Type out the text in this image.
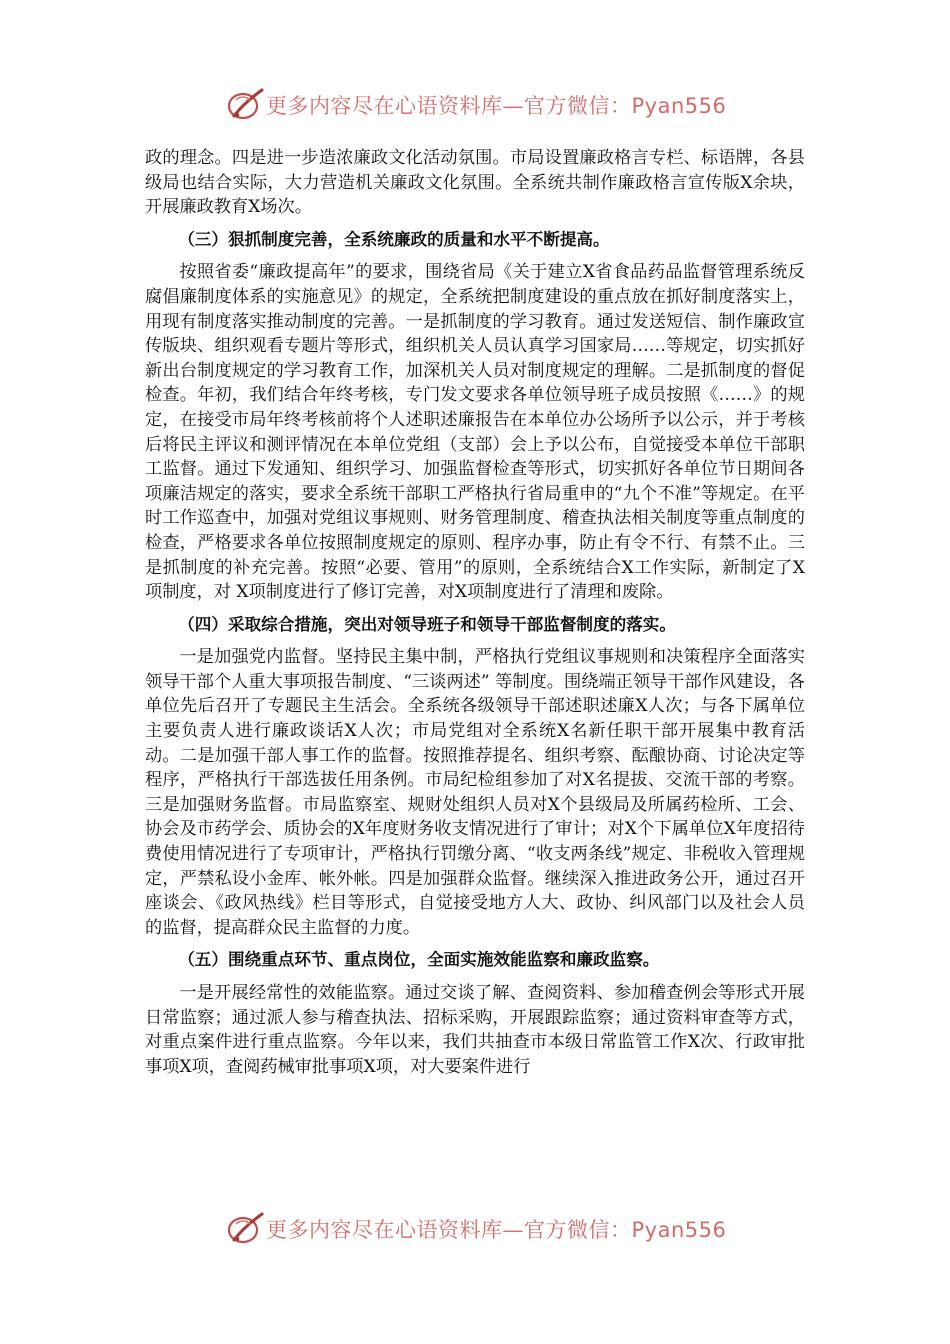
更多内容尽在心语资料库—官方微信：Pyan556

政的理念。四是进一步造浓廉政文化活动氛围。市局设置廉政格言专栏、标语牌，各县级局也结合实际，大力营造机关廉政文化氛围。全系统共制作廉政格言宣传版X余块，开展廉政教育X场次。

（三）狠抓制度完善，全系统廉政的质量和水平不断提高。

按照省委“廉政提高年”的要求，围绕省局《关于建立X省食品药品监督管理系统反腐倡廉制度体系的实施意见》的规定，全系统把制度建设的重点放在抓好制度落实上，用现有制度落实推动制度的完善。一是抓制度的学习教育。通过发送短信、制作廉政宣传版块、组织观看专题片等形式，组织机关人员认真学习国家局……等规定，切实抓好新出台制度规定的学习教育工作，加深机关人员对制度规定的理解。二是抓制度的督促检查。年初，我们结合年终考核，专门发文要求各单位领导班子成员按照《……》的规定，在接受市局年终考核前将个人述职述廉报告在本单位办公场所予以公示，并于考核后将民主评议和测评情况在本单位党组（支部）会上予以公布，自觉接受本单位干部职工监督。通过下发通知、组织学习、加强监督检查等形式，切实抓好各单位节日期间各项廉洁规定的落实，要求全系统干部职工严格执行省局重申的“九个不准”等规定。在平时工作巡查中，加强对党组议事规则、财务管理制度、稽查执法相关制度等重点制度的检查，严格要求各单位按照制度规定的原则、程序办事，防止有令不行、有禁不止。三是抓制度的补充完善。按照“必要、管用”的原则，全系统结合X工作实际，新制定了X项制度，对 X项制度进行了修订完善，对X项制度进行了清理和废除。

（四）采取综合措施，突出对领导班子和领导干部监督制度的落实。

一是加强党内监督。坚持民主集中制，严格执行党组议事规则和决策程序全面落实领导干部个人重大事项报告制度、“三谈两述” 等制度。围绕端正领导干部作风建设，各单位先后召开了专题民主生活会。全系统各级领导干部述职述廉X人次；与各下属单位主要负责人进行廉政谈话X人次；市局党组对全系统X名新任职干部开展集中教育活动。二是加强干部人事工作的监督。按照推荐提名、组织考察、酝酿协商、讨论决定等程序，严格执行干部选拔任用条例。市局纪检组参加了对X名提拔、交流干部的考察。三是加强财务监督。市局监察室、规财处组织人员对X个县级局及所属药检所、工会、协会及市药学会、质协会的X年度财务收支情况进行了审计；对X个下属单位X年度招待费使用情况进行了专项审计，严格执行罚缴分离、“收支两条线”规定、非税收入管理规定，严禁私设小金库、帐外帐。四是加强群众监督。继续深入推进政务公开，通过召开座谈会、《政风热线》栏目等形式，自觉接受地方人大、政协、纠风部门以及社会人员的监督，提高群众民主监督的力度。

（五）围绕重点环节、重点岗位，全面实施效能监察和廉政监察。

一是开展经常性的效能监察。通过交谈了解、查阅资料、参加稽查例会等形式开展日常监察；通过派人参与稽查执法、招标采购，开展跟踪监察；通过资料审查等方式，对重点案件进行重点监察。今年以来，我们共抽查市本级日常监管工作X次、行政审批事项X项，查阅药械审批事项X项，对大要案件进行

更多内容尽在心语资料库—官方微信：Pyan556
